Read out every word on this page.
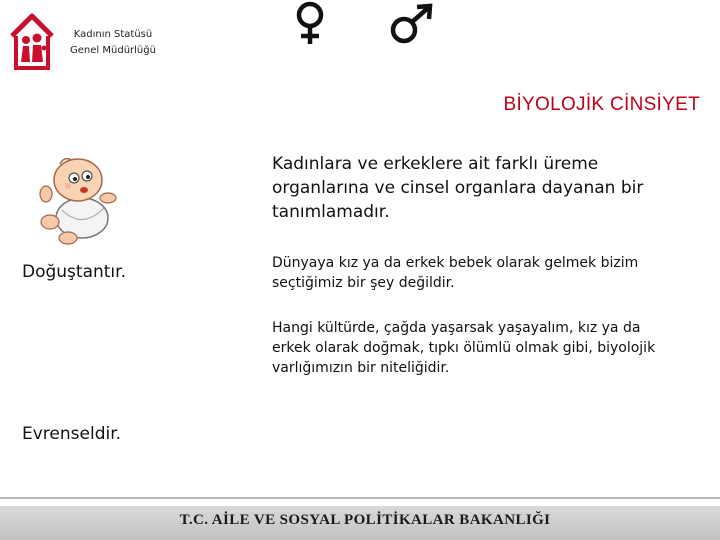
Kadının Statüsü
Genel Müdürlüğü
BİYOLOJİK CİNSİYET
Doğuştantır.
Evrenseldir.
Kadınlara ve erkeklere ait farklı üreme organlarına ve cinsel organlara dayanan bir tanımlamadır.
Dünyaya kız ya da erkek bebek olarak gelmek bizim seçtiğimiz bir şey değildir.
Hangi kültürde, çağda yaşarsak yaşayalım, kız ya da erkek olarak doğmak, tıpkı ölümlü olmak gibi, biyolojik varlığımızın bir niteliğidir.
T.C. AİLE VE SOSYAL POLİTİKALAR BAKANLIĞI
